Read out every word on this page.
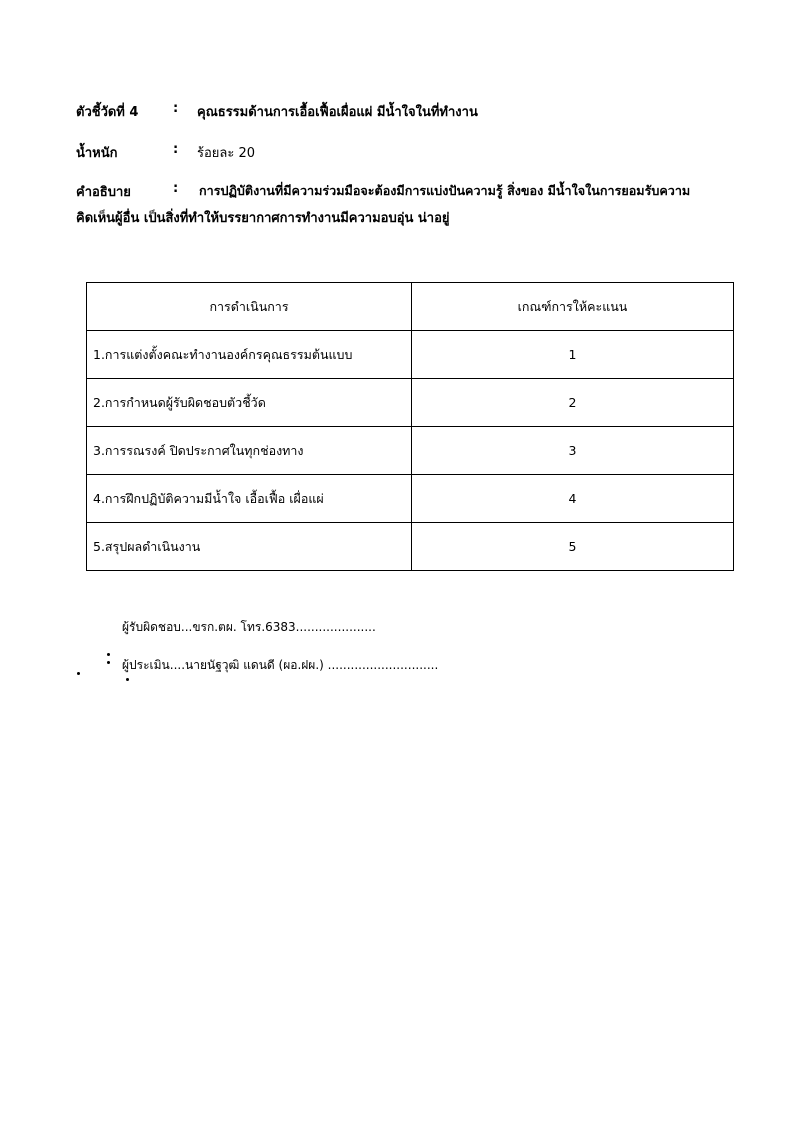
ตัวชี้วัดที่ 4	: คุณธรรมด้านการเอื้อเฟื้อเผื่อแผ่ มีน้ำใจในที่ทำงาน
น้ำหนัก	: ร้อยละ 20
คำอธิบาย	: การปฏิบัติงานที่มีความร่วมมือจะต้องมีการแบ่งปันความรู้ สิ่งของ มีน้ำใจในการยอมรับความ
คิดเห็นผู้อื่น เป็นสิ่งที่ทำให้บรรยากาศการทำงานมีความอบอุ่น น่าอยู่
การดำเนินการ	เกณฑ์การให้คะแนน
1.การแต่งตั้งคณะทำงานองค์กรคุณธรรมต้นแบบ	1
2.การกำหนดผู้รับผิดชอบตัวชี้วัด	2
3.การรณรงค์ ปิดประกาศในทุกช่องทาง	3
4.การฝึกปฏิบัติความมีน้ำใจ เอื้อเฟื้อ เผื่อแผ่	4
5.สรุปผลดำเนินงาน	5
ผู้รับผิดชอบ...ขรก.ตผ. โทร.6383.....................
ผู้ประเมิน....นายนัฐวุฒิ แดนดี (ผอ.ฝผ.) .............................
